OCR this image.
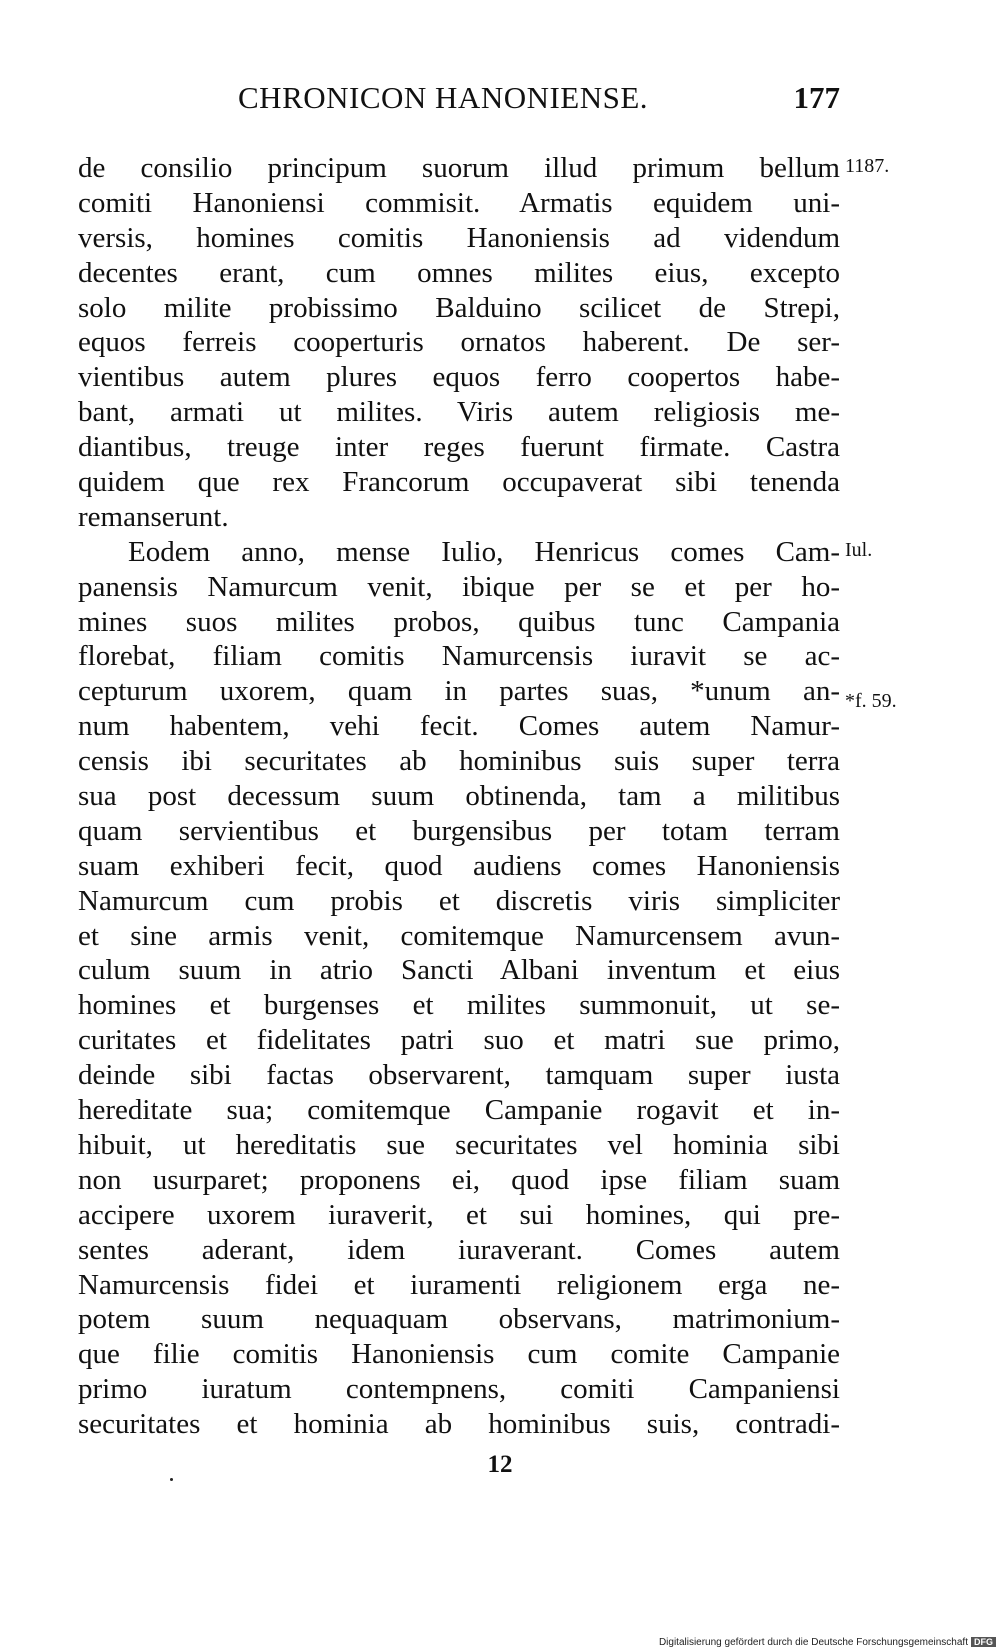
CHRONICON HANONIENSE.	177
de consilio principum suorum illud primum bellum
comiti Hanoniensi commisit. Armatis equidem uni-
versis, homines comitis Hanoniensis ad videndum
decentes erant, cum omnes milites eius, excepto
solo milite probissimo Balduino scilicet de Strepi,
equos ferreis cooperturis ornatos haberent. De ser-
vientibus autem plures equos ferro coopertos habe-
bant, armati ut milites. Viris autem religiosis me-
diantibus, treuge inter reges fuerunt firmate. Castra
quidem que rex Francorum occupaverat sibi tenenda
remanserunt.
Eodem anno, mense Iulio, Henricus comes Cam-
panensis Namurcum venit, ibique per se et per ho-
mines suos milites probos, quibus tunc Campania
florebat, filiam comitis Namurcensis iuravit se ac-
cepturum uxorem, quam in partes suas, *unum an-
num habentem, vehi fecit. Comes autem Namur-
censis ibi securitates ab hominibus suis super terra
sua post decessum suum obtinenda, tam a militibus
quam servientibus et burgensibus per totam terram
suam exhiberi fecit, quod audiens comes Hanoniensis
Namurcum cum probis et discretis viris simpliciter
et sine armis venit, comitemque Namurcensem avun-
culum suum in atrio Sancti Albani inventum et eius
homines et burgenses et milites summonuit, ut se-
curitates et fidelitates patri suo et matri sue primo,
deinde sibi factas observarent, tamquam super iusta
hereditate sua; comitemque Campanie rogavit et in-
hibuit, ut hereditatis sue securitates vel hominia sibi
non usurparet; proponens ei, quod ipse filiam suam
accipere uxorem iuraverit, et sui homines, qui pre-
sentes aderant, idem iuraverant. Comes autem
Namurcensis fidei et iuramenti religionem erga ne-
potem suum nequaquam observans, matrimonium-
que filie comitis Hanoniensis cum comite Campanie
primo iuratum contempnens, comiti Campaniensi
securitates et hominia ab hominibus suis, contradi-
1187.
Iul.
*f. 59.
12
Digitalisierung gefördert durch die Deutsche Forschungsgemeinschaft DFG
